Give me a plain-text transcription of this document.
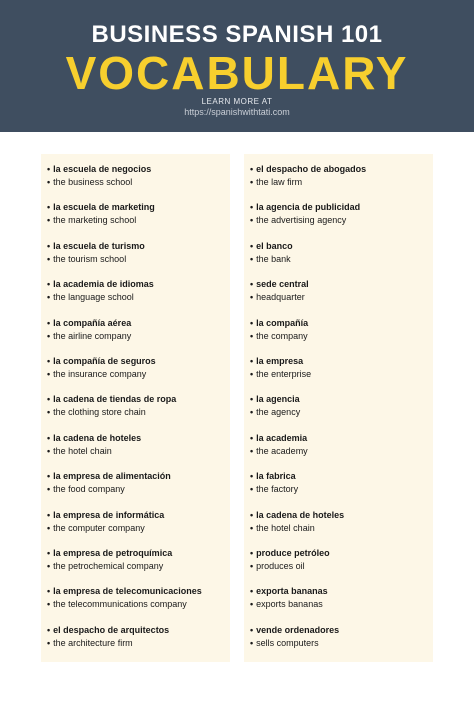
BUSINESS SPANISH 101
VOCABULARY
LEARN MORE AT
https://spanishwithtati.com
• la escuela de negocios
• the business school
• la escuela de marketing
• the marketing school
• la escuela de turismo
• the tourism school
• la academia de idiomas
• the language school
• la compañía aérea
• the airline company
• la compañía de seguros
• the insurance company
• la cadena de tiendas de ropa
• the clothing store chain
• la cadena de hoteles
• the hotel chain
• la empresa de alimentación
• the food company
• la empresa de informática
• the computer company
• la empresa de petroquímica
• the petrochemical company
• la empresa de telecomunicaciones
• the telecommunications company
• el despacho de arquitectos
• the architecture firm
• el despacho de abogados
• the law firm
• la agencia de publicidad
• the advertising agency
• el banco
• the bank
• sede central
• headquarter
• la compañía
• the company
• la empresa
• the enterprise
• la agencia
• the agency
• la academia
• the academy
• la fabrica
• the factory
• la cadena de hoteles
• the hotel chain
• produce petróleo
• produces oil
• exporta bananas
• exports bananas
• vende ordenadores
• sells computers
